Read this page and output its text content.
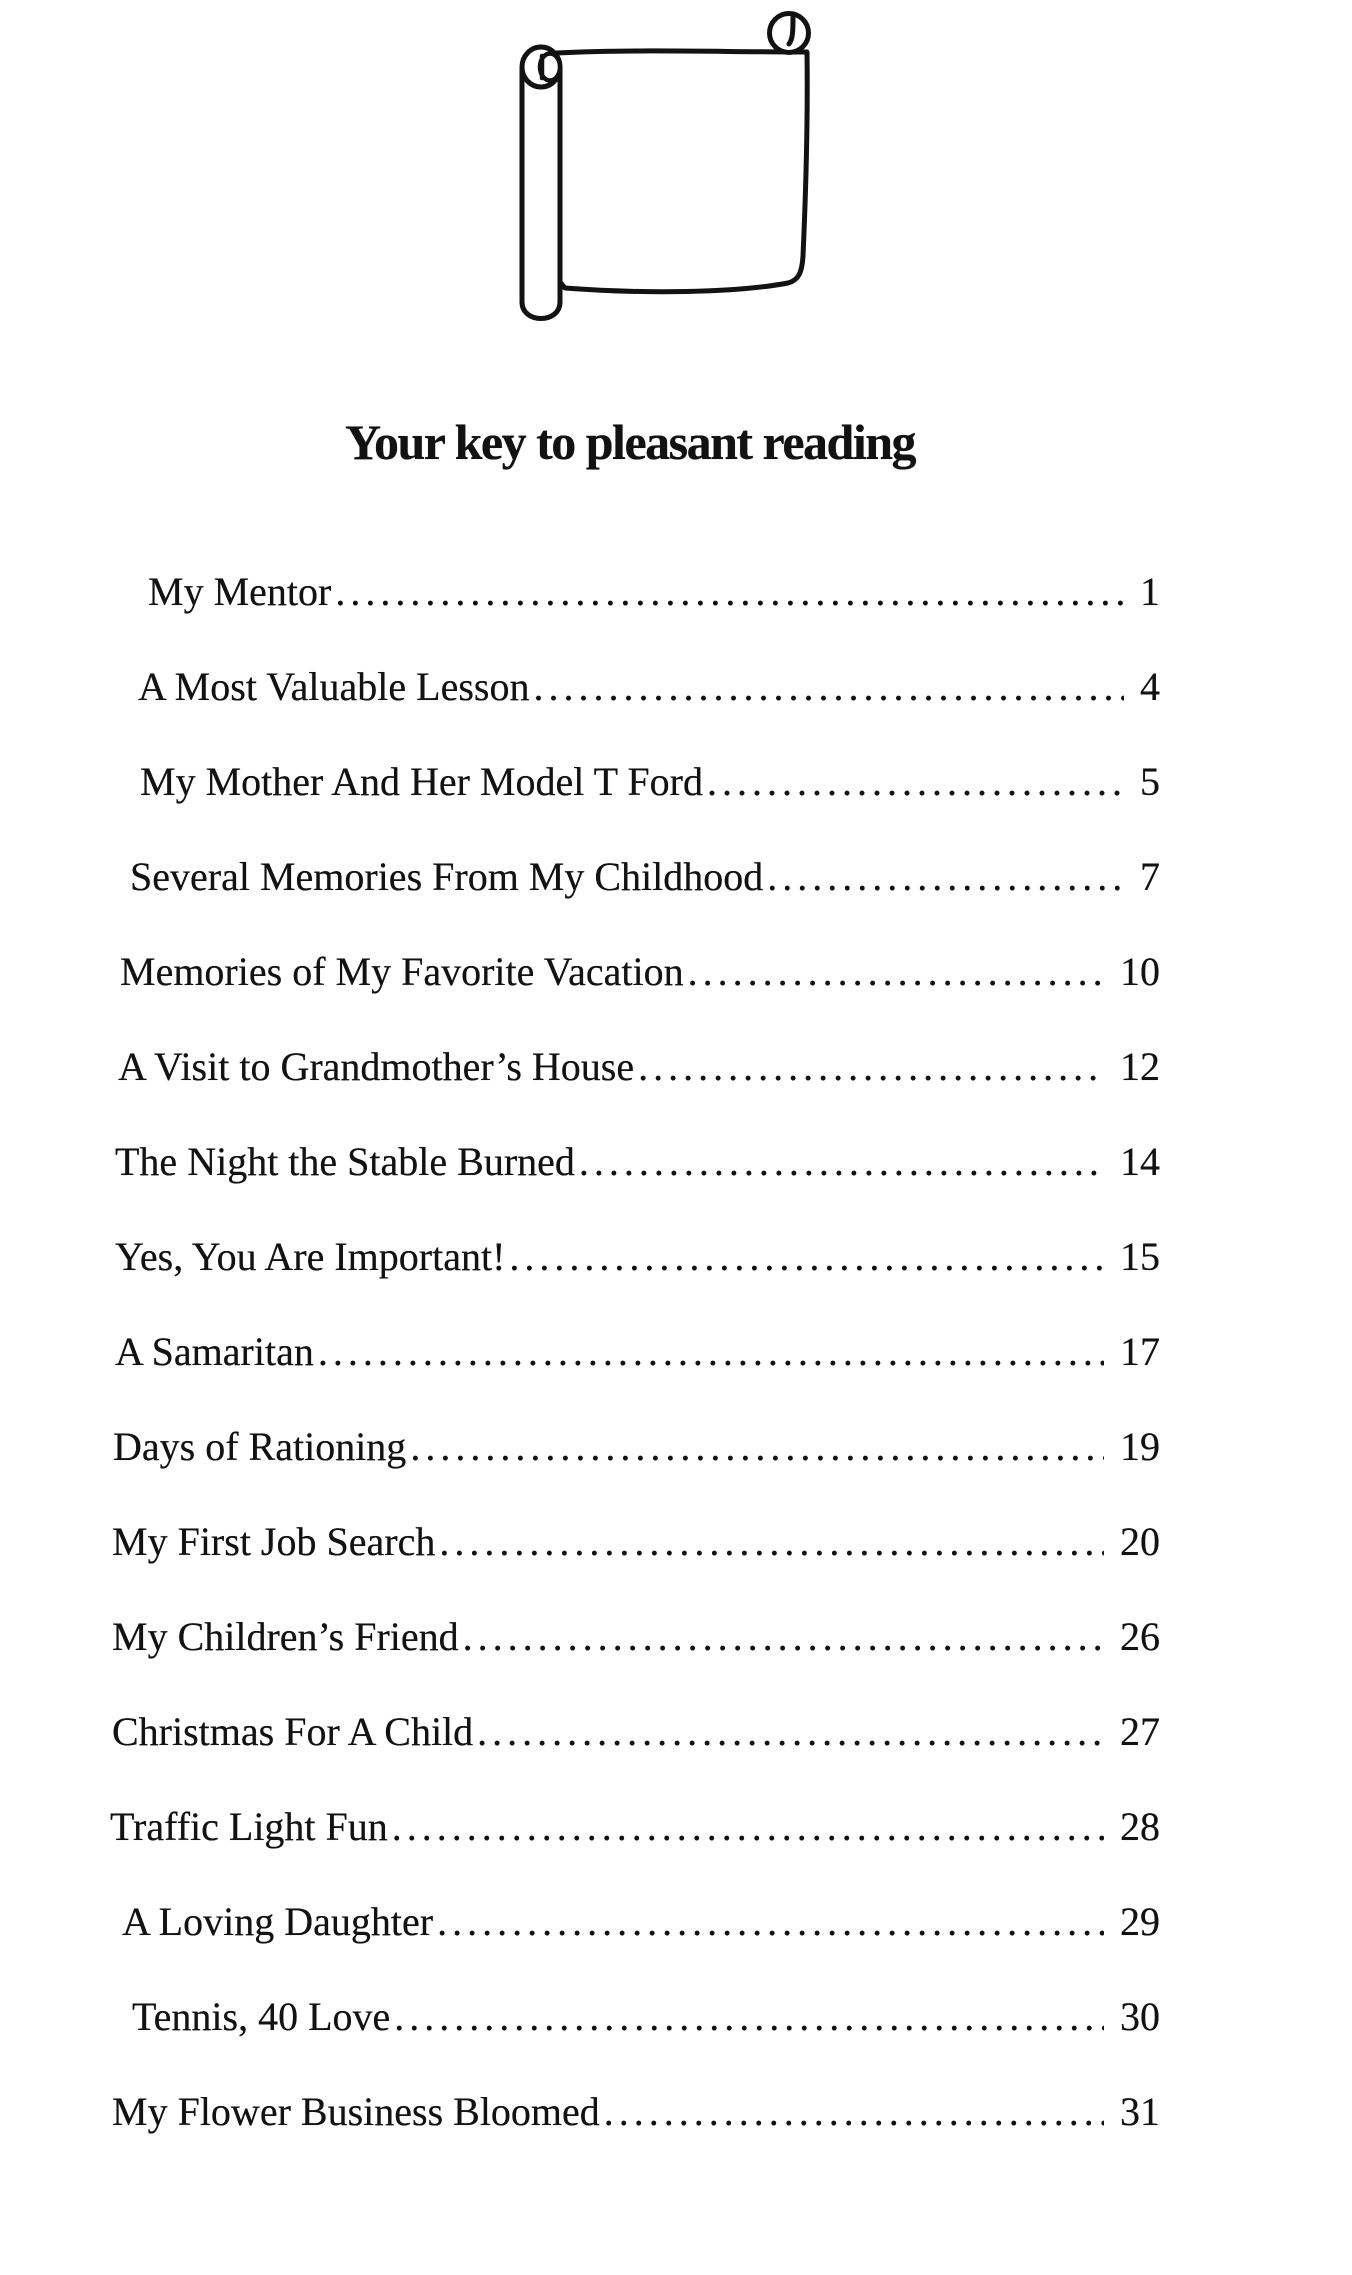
Your key to pleasant reading
My Mentor .....	1
A Most Valuable Lesson .....	4
My Mother And Her Model T Ford .....	5
Several Memories From My Childhood .....	7
Memories of My Favorite Vacation .....	10
A Visit to Grandmother’s House .....	12
The Night the Stable Burned .....	14
Yes, You Are Important! .....	15
A Samaritan .....	17
Days of Rationing .....	19
My First Job Search .....	20
My Children’s Friend .....	26
Christmas For A Child .....	27
Traffic Light Fun .....	28
A Loving Daughter .....	29
Tennis, 40 Love .....	30
My Flower Business Bloomed .....	31
